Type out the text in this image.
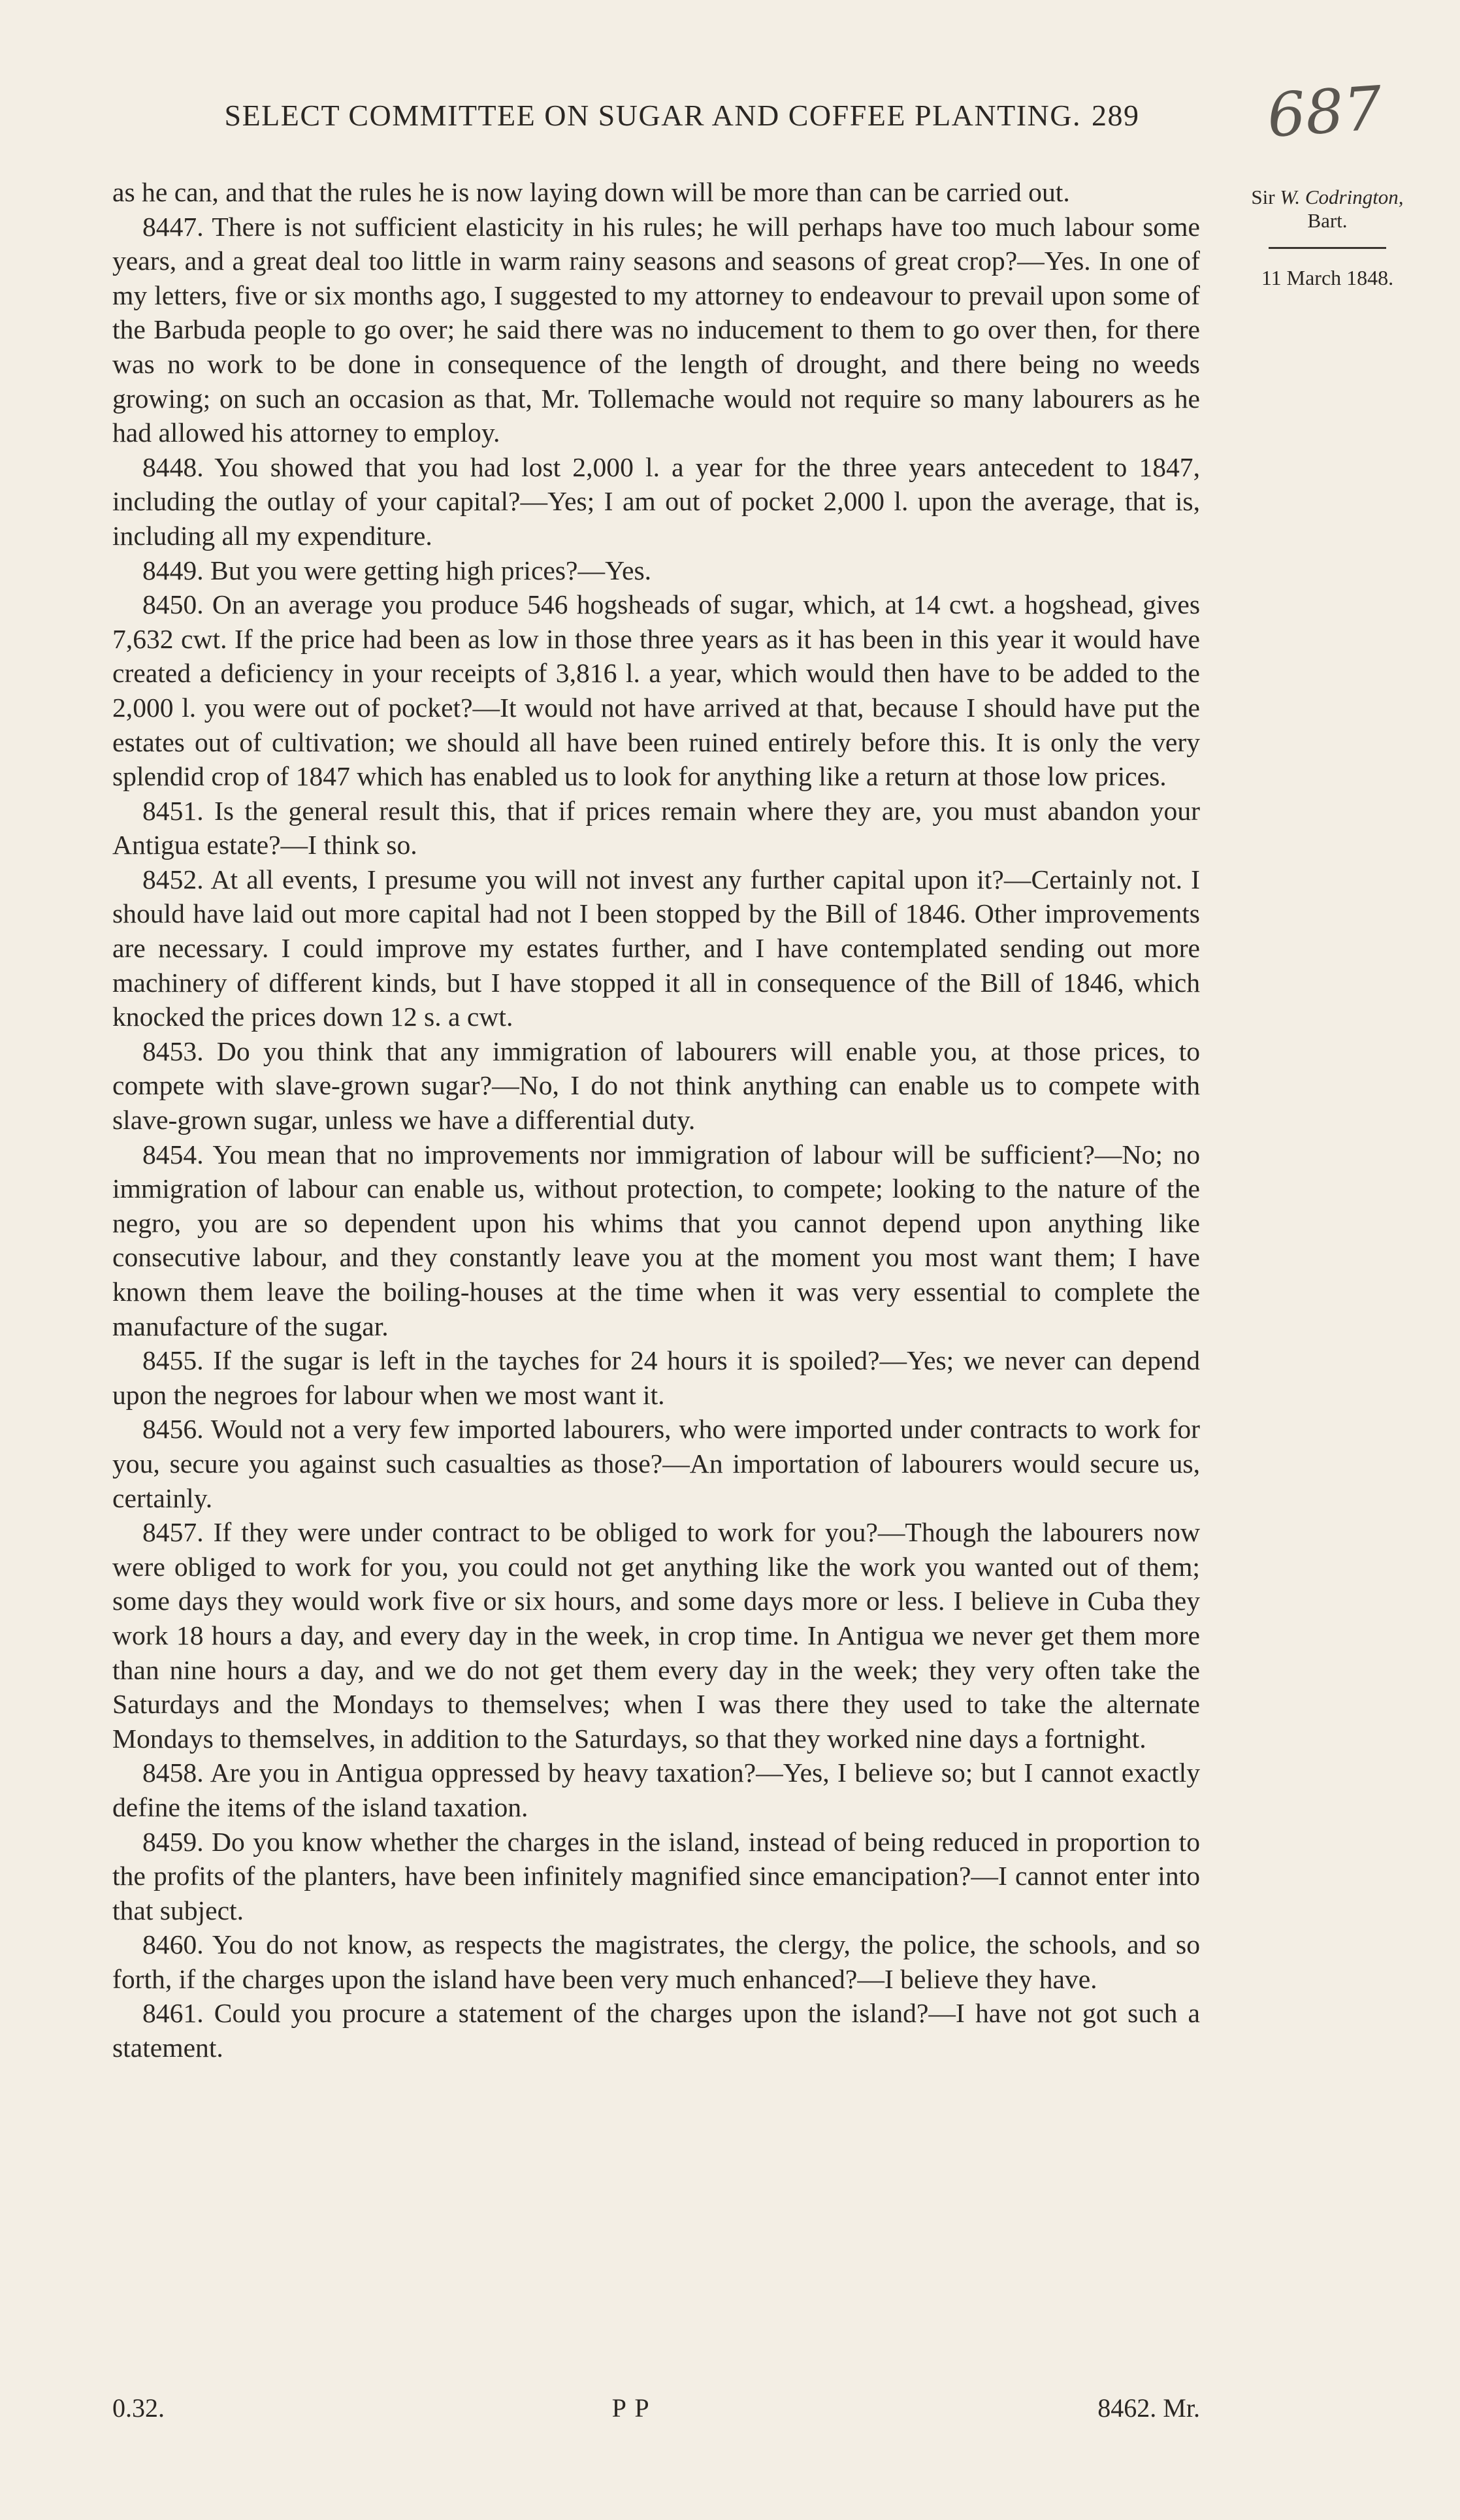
SELECT COMMITTEE ON SUGAR AND COFFEE PLANTING. 289	687
Sir W. Codrington,
Bart.
11 March 1848.

as he can, and that the rules he is now laying down will be more than can be carried out.

8447. There is not sufficient elasticity in his rules; he will perhaps have too much labour some years, and a great deal too little in warm rainy seasons and seasons of great crop?—Yes. In one of my letters, five or six months ago, I suggested to my attorney to endeavour to prevail upon some of the Barbuda people to go over; he said there was no inducement to them to go over then, for there was no work to be done in consequence of the length of drought, and there being no weeds growing; on such an occasion as that, Mr. Tollemache would not require so many labourers as he had allowed his attorney to employ.

8448. You showed that you had lost 2,000 l. a year for the three years antecedent to 1847, including the outlay of your capital?—Yes; I am out of pocket 2,000 l. upon the average, that is, including all my expenditure.

8449. But you were getting high prices?—Yes.

8450. On an average you produce 546 hogsheads of sugar, which, at 14 cwt. a hogshead, gives 7,632 cwt. If the price had been as low in those three years as it has been in this year it would have created a deficiency in your receipts of 3,816 l. a year, which would then have to be added to the 2,000 l. you were out of pocket?—It would not have arrived at that, because I should have put the estates out of cultivation; we should all have been ruined entirely before this. It is only the very splendid crop of 1847 which has enabled us to look for anything like a return at those low prices.

8451. Is the general result this, that if prices remain where they are, you must abandon your Antigua estate?—I think so.

8452. At all events, I presume you will not invest any further capital upon it?—Certainly not. I should have laid out more capital had not I been stopped by the Bill of 1846. Other improvements are necessary. I could improve my estates further, and I have contemplated sending out more machinery of different kinds, but I have stopped it all in consequence of the Bill of 1846, which knocked the prices down 12 s. a cwt.

8453. Do you think that any immigration of labourers will enable you, at those prices, to compete with slave-grown sugar?—No, I do not think anything can enable us to compete with slave-grown sugar, unless we have a differential duty.

8454. You mean that no improvements nor immigration of labour will be sufficient?—No; no immigration of labour can enable us, without protection, to compete; looking to the nature of the negro, you are so dependent upon his whims that you cannot depend upon anything like consecutive labour, and they constantly leave you at the moment you most want them; I have known them leave the boiling-houses at the time when it was very essential to complete the manufacture of the sugar.

8455. If the sugar is left in the tayches for 24 hours it is spoiled?—Yes; we never can depend upon the negroes for labour when we most want it.

8456. Would not a very few imported labourers, who were imported under contracts to work for you, secure you against such casualties as those?—An importation of labourers would secure us, certainly.

8457. If they were under contract to be obliged to work for you?—Though the labourers now were obliged to work for you, you could not get anything like the work you wanted out of them; some days they would work five or six hours, and some days more or less. I believe in Cuba they work 18 hours a day, and every day in the week, in crop time. In Antigua we never get them more than nine hours a day, and we do not get them every day in the week; they very often take the Saturdays and the Mondays to themselves; when I was there they used to take the alternate Mondays to themselves, in addition to the Saturdays, so that they worked nine days a fortnight.

8458. Are you in Antigua oppressed by heavy taxation?—Yes, I believe so; but I cannot exactly define the items of the island taxation.

8459. Do you know whether the charges in the island, instead of being reduced in proportion to the profits of the planters, have been infinitely magnified since emancipation?—I cannot enter into that subject.

8460. You do not know, as respects the magistrates, the clergy, the police, the schools, and so forth, if the charges upon the island have been very much enhanced?—I believe they have.

8461. Could you procure a statement of the charges upon the island?—I have not got such a statement.

0.32.	P P	8462. Mr.
